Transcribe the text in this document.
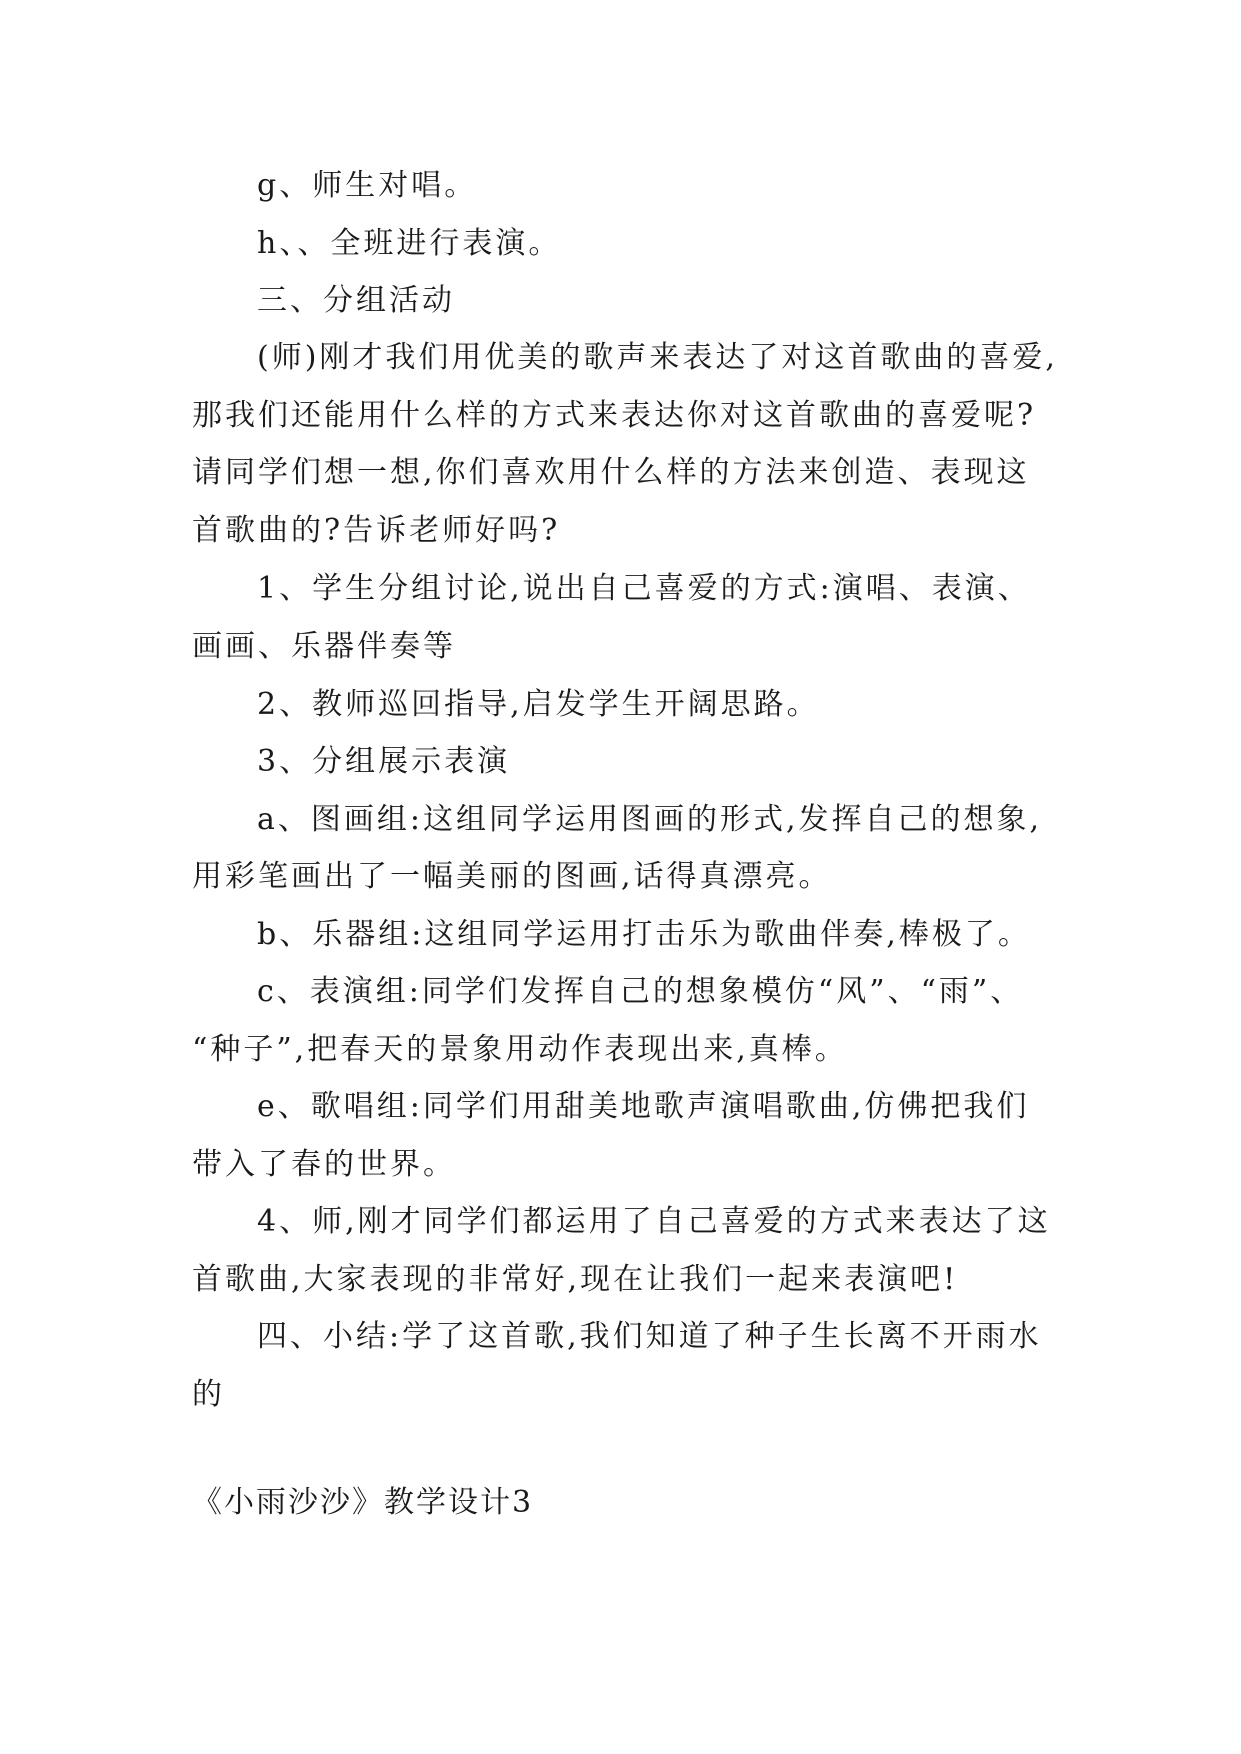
g、师生对唱。
h、、全班进行表演。
三、分组活动
(师)刚才我们用优美的歌声来表达了对这首歌曲的喜爱,
那我们还能用什么样的方式来表达你对这首歌曲的喜爱呢?
请同学们想一想,你们喜欢用什么样的方法来创造、表现这
首歌曲的?告诉老师好吗?
1、学生分组讨论,说出自己喜爱的方式:演唱、表演、
画画、乐器伴奏等
2、教师巡回指导,启发学生开阔思路。
3、分组展示表演
a、图画组:这组同学运用图画的形式,发挥自己的想象,
用彩笔画出了一幅美丽的图画,话得真漂亮。
b、乐器组:这组同学运用打击乐为歌曲伴奏,棒极了。
c、表演组:同学们发挥自己的想象模仿“风”、“雨”、
“种子”,把春天的景象用动作表现出来,真棒。
e、歌唱组:同学们用甜美地歌声演唱歌曲,仿佛把我们
带入了春的世界。
4、师,刚才同学们都运用了自己喜爱的方式来表达了这
首歌曲,大家表现的非常好,现在让我们一起来表演吧!
四、小结:学了这首歌,我们知道了种子生长离不开雨水
的
《小雨沙沙》教学设计3
